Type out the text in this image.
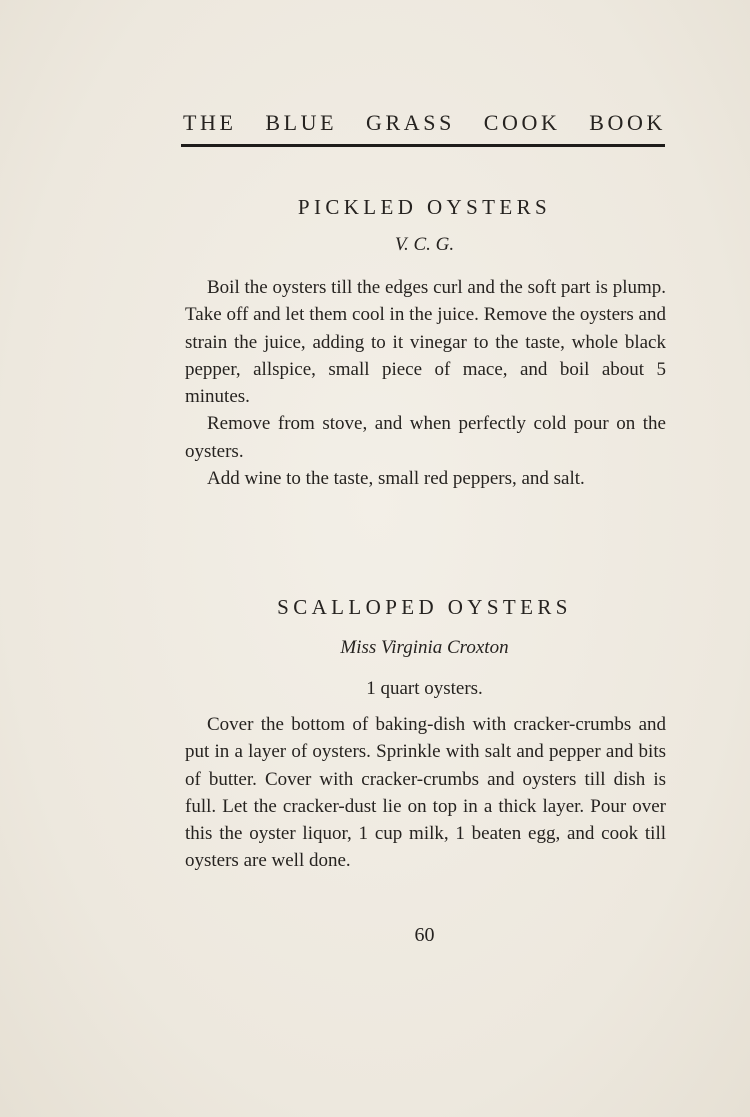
THE BLUE GRASS COOK BOOK
PICKLED OYSTERS
V. C. G.

Boil the oysters till the edges curl and the soft part is plump. Take off and let them cool in the juice. Remove the oysters and strain the juice, adding to it vinegar to the taste, whole black pepper, allspice, small piece of mace, and boil about 5 minutes.

Remove from stove, and when perfectly cold pour on the oysters.

Add wine to the taste, small red peppers, and salt.

SCALLOPED OYSTERS
Miss Virginia Croxton
1 quart oysters.

Cover the bottom of baking-dish with cracker-crumbs and put in a layer of oysters. Sprinkle with salt and pepper and bits of butter. Cover with cracker-crumbs and oysters till dish is full. Let the cracker-dust lie on top in a thick layer. Pour over this the oyster liquor, 1 cup milk, 1 beaten egg, and cook till oysters are well done.

60
